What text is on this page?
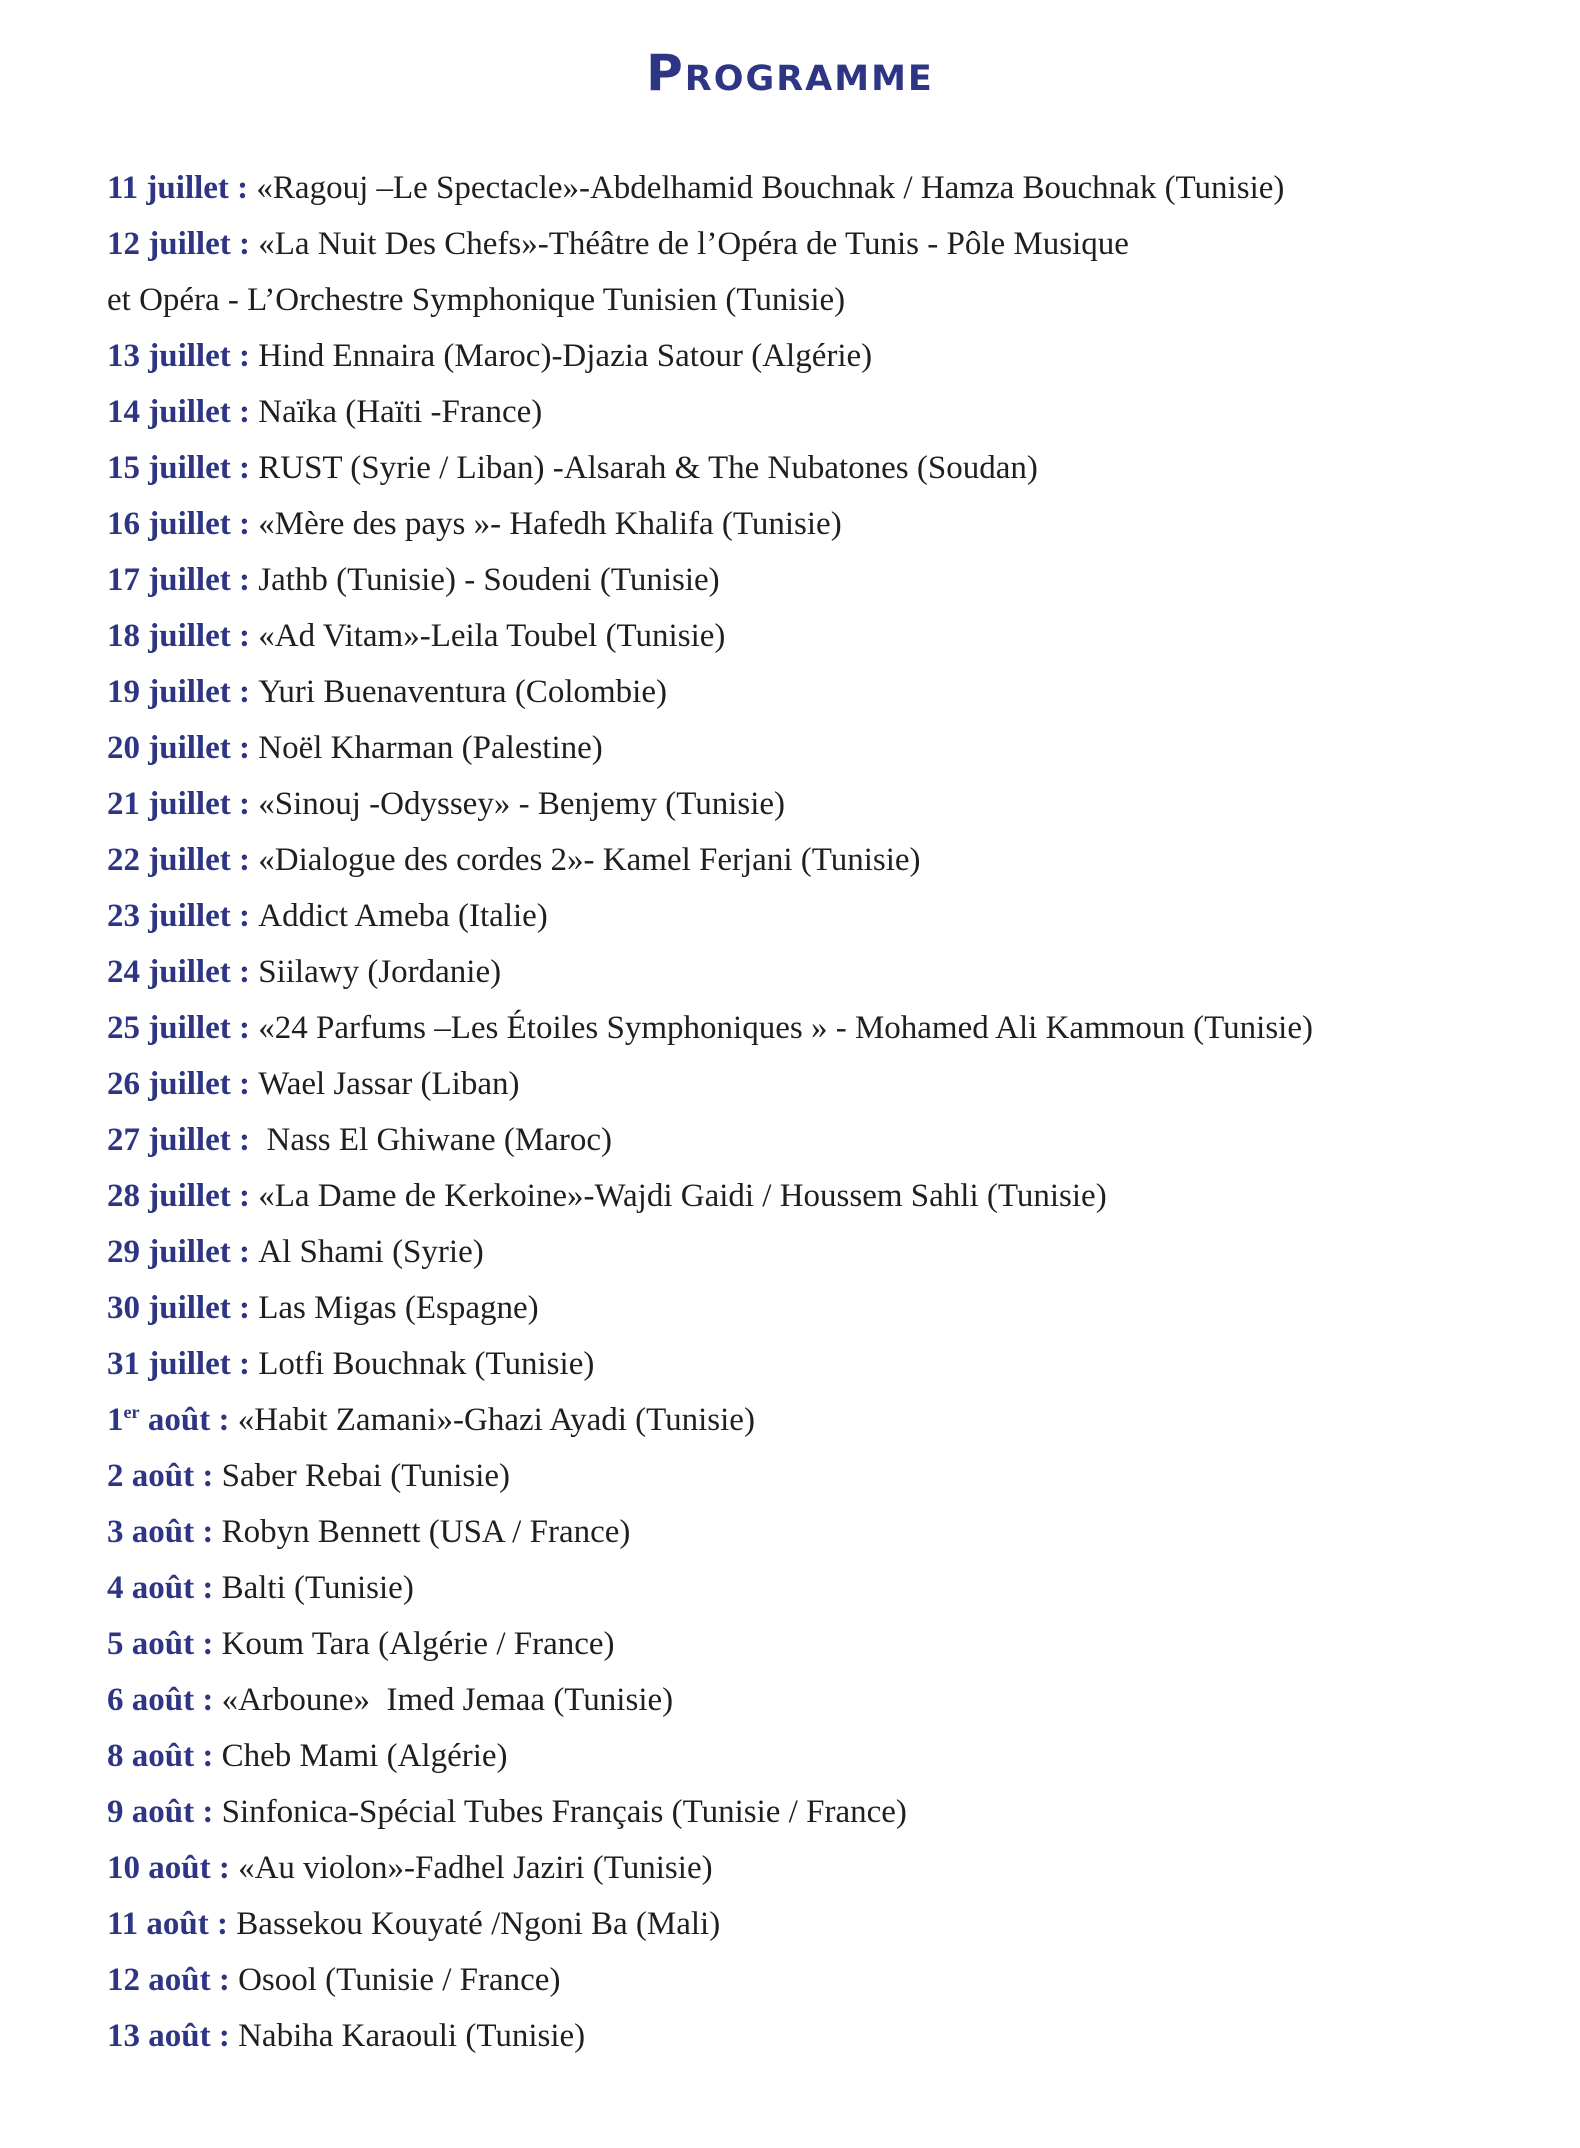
Programme
11 juillet : «Ragouj –Le Spectacle»-Abdelhamid Bouchnak / Hamza Bouchnak (Tunisie)
12 juillet : «La Nuit Des Chefs»-Théâtre de l’Opéra de Tunis - Pôle Musique
et Opéra - L’Orchestre Symphonique Tunisien (Tunisie)
13 juillet : Hind Ennaira (Maroc)-Djazia Satour (Algérie)
14 juillet : Naïka (Haïti -France)
15 juillet : RUST (Syrie / Liban) -Alsarah & The Nubatones (Soudan)
16 juillet : «Mère des pays »- Hafedh Khalifa (Tunisie)
17 juillet : Jathb (Tunisie) - Soudeni (Tunisie)
18 juillet : «Ad Vitam»-Leila Toubel (Tunisie)
19 juillet : Yuri Buenaventura (Colombie)
20 juillet : Noël Kharman (Palestine)
21 juillet : «Sinouj -Odyssey» - Benjemy (Tunisie)
22 juillet : «Dialogue des cordes 2»- Kamel Ferjani (Tunisie)
23 juillet : Addict Ameba (Italie)
24 juillet : Siilawy (Jordanie)
25 juillet : «24 Parfums –Les Étoiles Symphoniques » - Mohamed Ali Kammoun (Tunisie)
26 juillet : Wael Jassar (Liban)
27 juillet :  Nass El Ghiwane (Maroc)
28 juillet : «La Dame de Kerkoine»-Wajdi Gaidi / Houssem Sahli (Tunisie)
29 juillet : Al Shami (Syrie)
30 juillet : Las Migas (Espagne)
31 juillet : Lotfi Bouchnak (Tunisie)
1er août : «Habit Zamani»-Ghazi Ayadi (Tunisie)
2 août : Saber Rebai (Tunisie)
3 août : Robyn Bennett (USA / France)
4 août : Balti (Tunisie)
5 août : Koum Tara (Algérie / France)
6 août : «Arboune»  Imed Jemaa (Tunisie)
8 août : Cheb Mami (Algérie)
9 août : Sinfonica-Spécial Tubes Français (Tunisie / France)
10 août : «Au violon»-Fadhel Jaziri (Tunisie)
11 août : Bassekou Kouyaté /Ngoni Ba (Mali)
12 août : Osool (Tunisie / France)
13 août : Nabiha Karaouli (Tunisie)
